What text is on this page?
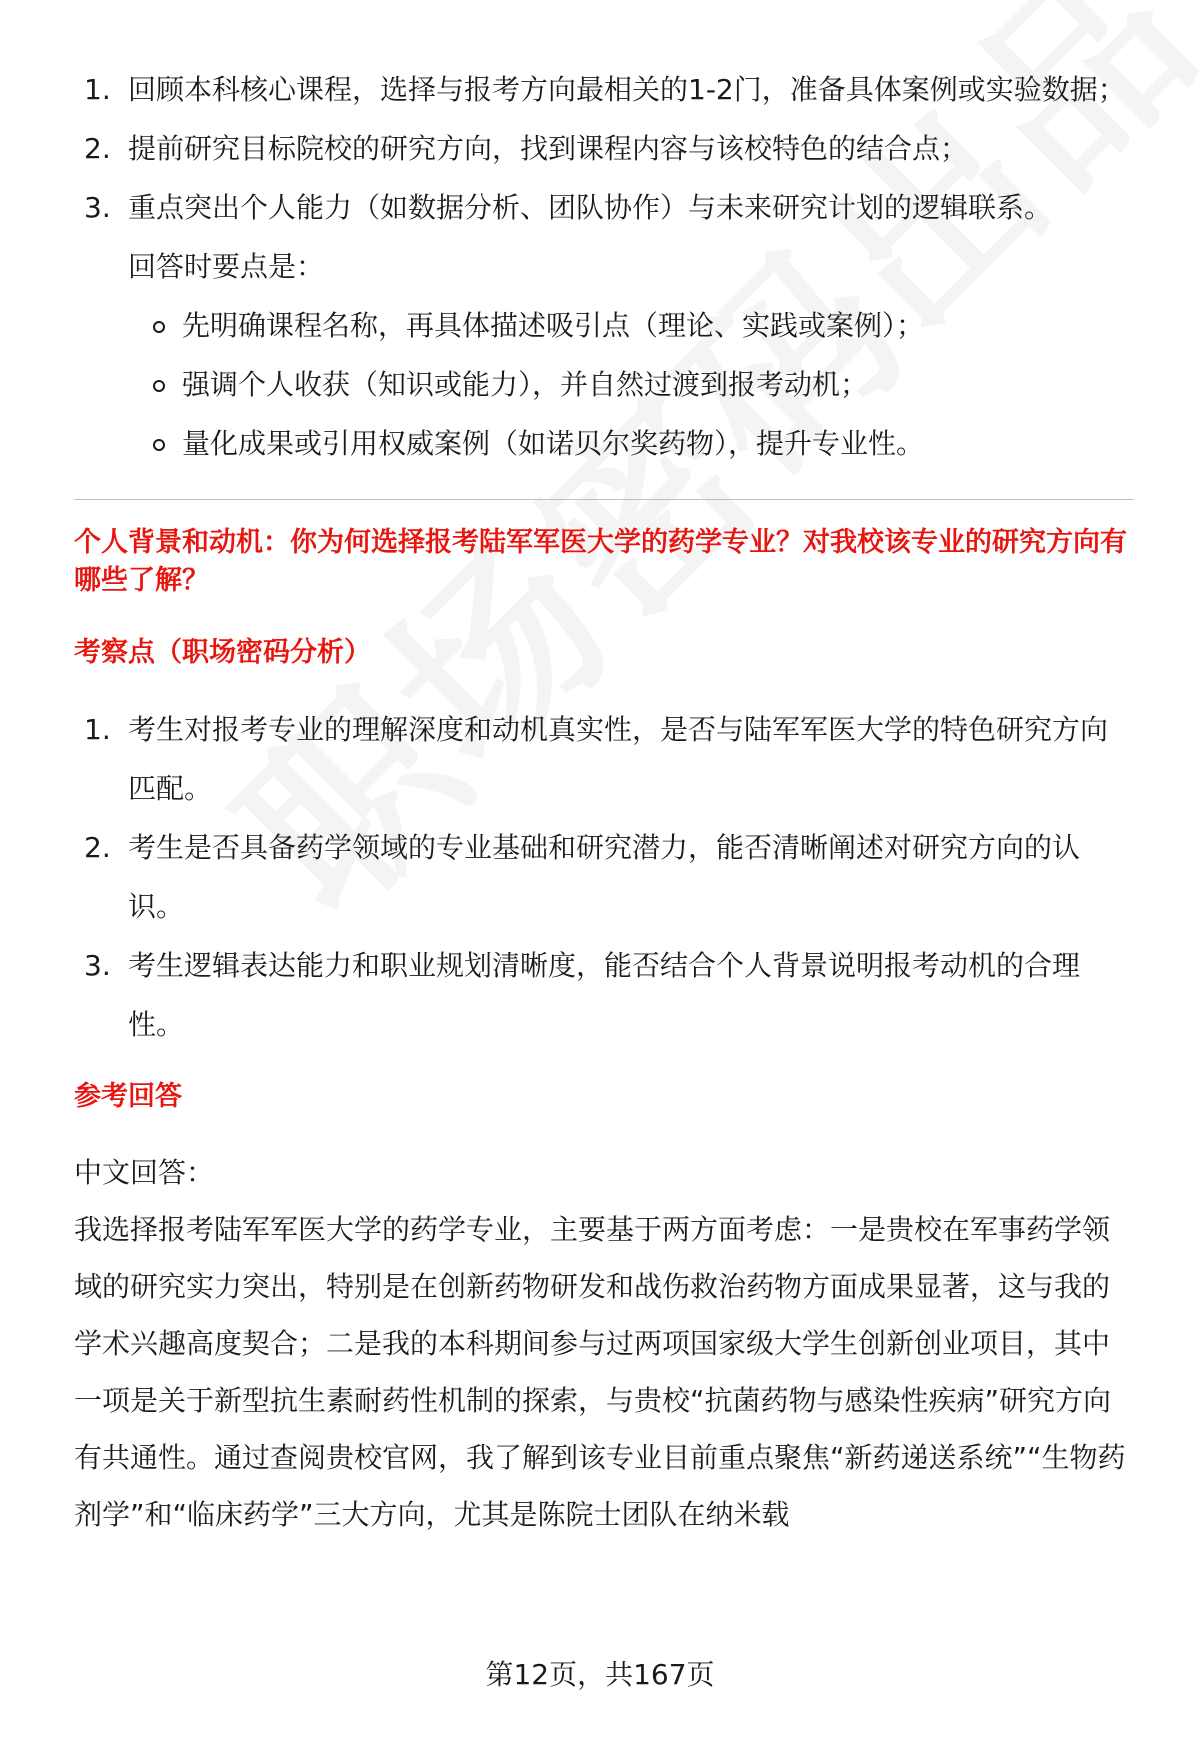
1. 回顾本科核心课程，选择与报考方向最相关的1-2门，准备具体案例或实验数据；
2. 提前研究目标院校的研究方向，找到课程内容与该校特色的结合点；
3. 重点突出个人能力（如数据分析、团队协作）与未来研究计划的逻辑联系。
回答时要点是：
先明确课程名称，再具体描述吸引点（理论、实践或案例）；
强调个人收获（知识或能力），并自然过渡到报考动机；
量化成果或引用权威案例（如诺贝尔奖药物），提升专业性。
个人背景和动机：你为何选择报考陆军军医大学的药学专业？对我校该专业的研究方向有哪些了解？
考察点（职场密码分析）
1. 考生对报考专业的理解深度和动机真实性，是否与陆军军医大学的特色研究方向匹配。
2. 考生是否具备药学领域的专业基础和研究潜力，能否清晰阐述对研究方向的认识。
3. 考生逻辑表达能力和职业规划清晰度，能否结合个人背景说明报考动机的合理性。
参考回答
中文回答：
我选择报考陆军军医大学的药学专业，主要基于两方面考虑：一是贵校在军事药学领域的研究实力突出，特别是在创新药物研发和战伤救治药物方面成果显著，这与我的学术兴趣高度契合；二是我的本科期间参与过两项国家级大学生创新创业项目，其中一项是关于新型抗生素耐药性机制的探索，与贵校“抗菌药物与感染性疾病”研究方向有共通性。通过查阅贵校官网，我了解到该专业目前重点聚焦“新药递送系统”“生物药剂学”和“临床药学”三大方向，尤其是陈院士团队在纳米载
第12页，共167页
